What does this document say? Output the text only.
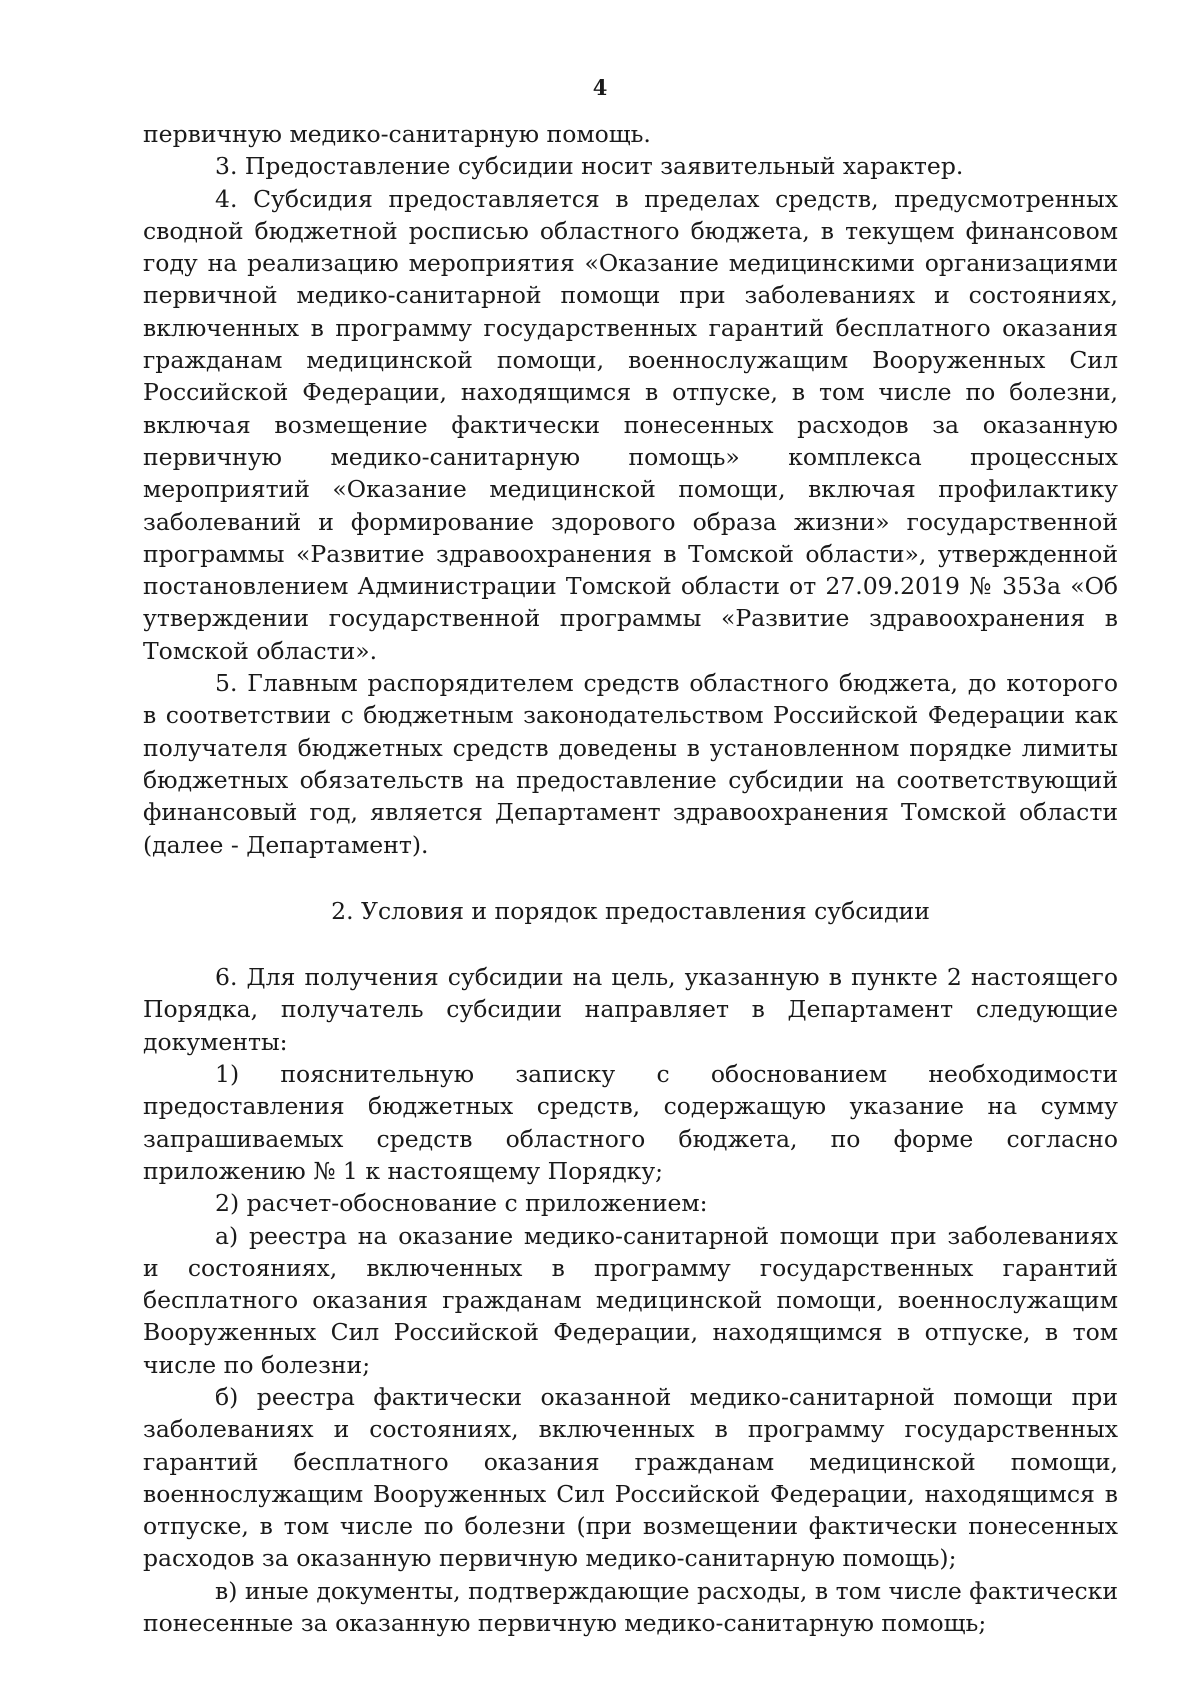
4

первичную медико-санитарную помощь.

3. Предоставление субсидии носит заявительный характер.

4. Субсидия предоставляется в пределах средств, предусмотренных сводной бюджетной росписью областного бюджета, в текущем финансовом году на реализацию мероприятия «Оказание медицинскими организациями первичной медико-санитарной помощи при заболеваниях и состояниях, включенных в программу государственных гарантий бесплатного оказания гражданам медицинской помощи, военнослужащим Вооруженных Сил Российской Федерации, находящимся в отпуске, в том числе по болезни, включая возмещение фактически понесенных расходов за оказанную первичную медико-санитарную помощь» комплекса процессных мероприятий «Оказание медицинской помощи, включая профилактику заболеваний и формирование здорового образа жизни» государственной программы «Развитие здравоохранения в Томской области», утвержденной постановлением Администрации Томской области от 27.09.2019 № 353а «Об утверждении государственной программы «Развитие здравоохранения в Томской области».

5. Главным распорядителем средств областного бюджета, до которого в соответствии с бюджетным законодательством Российской Федерации как получателя бюджетных средств доведены в установленном порядке лимиты бюджетных обязательств на предоставление субсидии на соответствующий финансовый год, является Департамент здравоохранения Томской области (далее - Департамент).

2. Условия и порядок предоставления субсидии

6. Для получения субсидии на цель, указанную в пункте 2 настоящего Порядка, получатель субсидии направляет в Департамент следующие документы:

1) пояснительную записку с обоснованием необходимости предоставления бюджетных средств, содержащую указание на сумму запрашиваемых средств областного бюджета, по форме согласно приложению № 1 к настоящему Порядку;

2) расчет-обоснование с приложением:

а) реестра на оказание медико-санитарной помощи при заболеваниях и состояниях, включенных в программу государственных гарантий бесплатного оказания гражданам медицинской помощи, военнослужащим Вооруженных Сил Российской Федерации, находящимся в отпуске, в том числе по болезни;

б) реестра фактически оказанной медико-санитарной помощи при заболеваниях и состояниях, включенных в программу государственных гарантий бесплатного оказания гражданам медицинской помощи, военнослужащим Вооруженных Сил Российской Федерации, находящимся в отпуске, в том числе по болезни (при возмещении фактически понесенных расходов за оказанную первичную медико-санитарную помощь);

в) иные документы, подтверждающие расходы, в том числе фактически понесенные за оказанную первичную медико-санитарную помощь;
